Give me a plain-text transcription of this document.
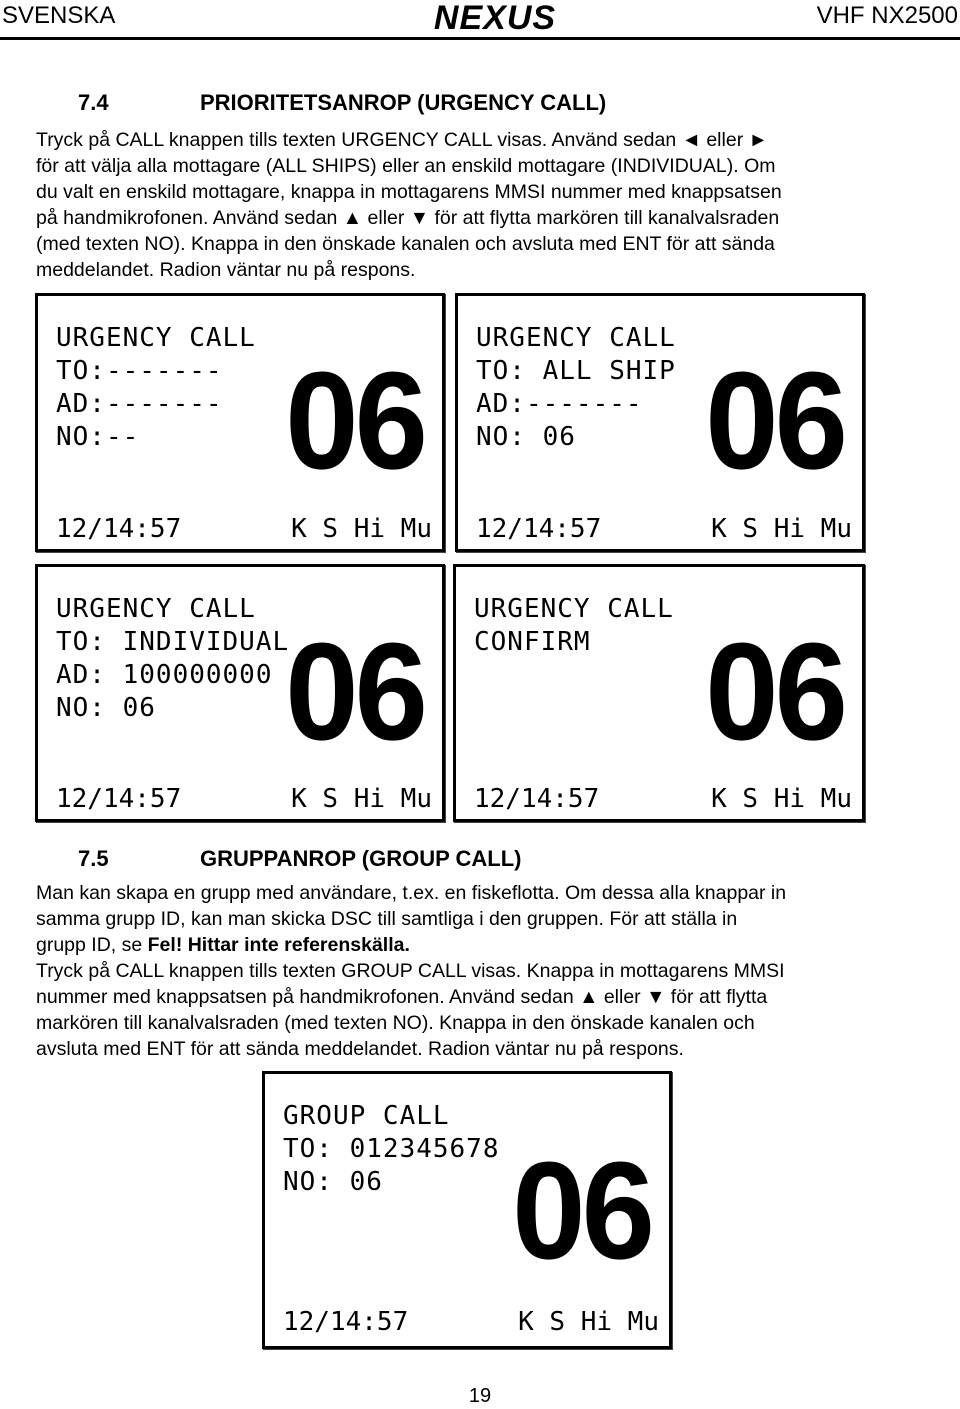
SVENSKA	NEXUS	VHF NX2500
7.4	PRIORITETSANROP (URGENCY CALL)

Tryck på CALL knappen tills texten URGENCY CALL visas. Använd sedan ◄ eller ►

för att välja alla mottagare (ALL SHIPS) eller an enskild mottagare (INDIVIDUAL). Om

du valt en enskild mottagare, knappa in mottagarens MMSI nummer med knappsatsen

på handmikrofonen. Använd sedan ▲ eller ▼ för att flytta markören till kanalvalsraden

(med texten NO). Knappa in den önskade kanalen och avsluta med ENT för att sända

meddelandet. Radion väntar nu på respons.

URGENCY CALL
TO:-------
AD:-------
NO:-- 06
12/14:57	K S Hi Mu
URGENCY CALL
TO: ALL SHIP
AD:-------
NO: 06 06
12/14:57	K S Hi Mu
URGENCY CALL
TO: INDIVIDUAL
AD: 100000000
NO: 06 06
12/14:57	K S Hi Mu
URGENCY CALL
CONFIRM 06
12/14:57	K S Hi Mu
7.5	GRUPPANROP (GROUP CALL)

Man kan skapa en grupp med användare, t.ex. en fiskeflotta. Om dessa alla knappar in

samma grupp ID, kan man skicka DSC till samtliga i den gruppen. För att ställa in

grupp ID, se Fel! Hittar inte referenskälla.

Tryck på CALL knappen tills texten GROUP CALL visas. Knappa in mottagarens MMSI

nummer med knappsatsen på handmikrofonen. Använd sedan ▲ eller ▼ för att flytta

markören till kanalvalsraden (med texten NO). Knappa in den önskade kanalen och

avsluta med ENT för att sända meddelandet. Radion väntar nu på respons.

GROUP CALL
TO: 012345678
NO: 06 06
12/14:57	K S Hi Mu
19
